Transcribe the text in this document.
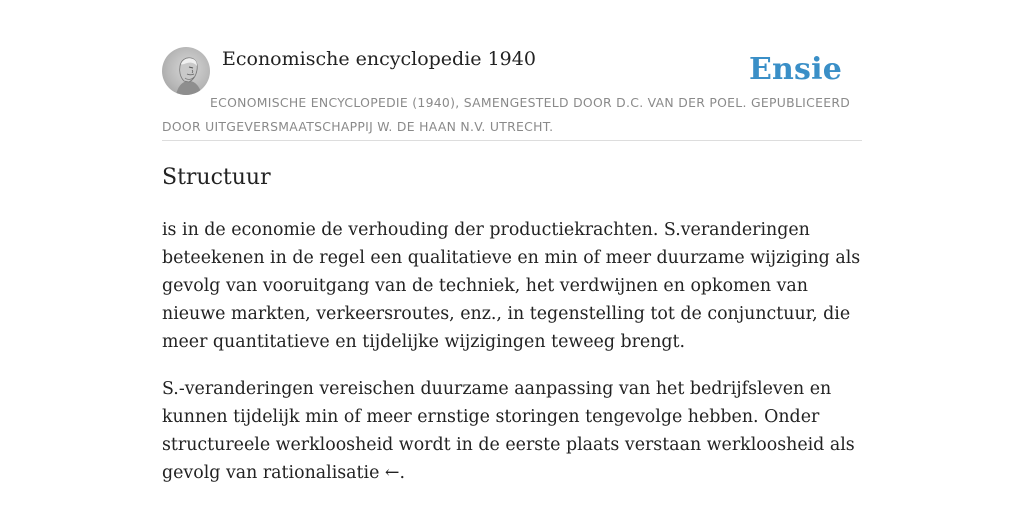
Economische encyclopedie 1940	Ensie
ECONOMISCHE ENCYCLOPEDIE (1940), SAMENGESTELD DOOR D.C. VAN DER POEL. GEPUBLICEERD DOOR UITGEVERSMAATSCHAPPIJ W. DE HAAN N.V. UTRECHT.
Structuur

is in de economie de verhouding der productiekrachten. S.veranderingen beteekenen in de regel een qualitatieve en min of meer duurzame wijziging als gevolg van vooruitgang van de techniek, het verdwijnen en opkomen van nieuwe markten, verkeersroutes, enz., in tegenstelling tot de conjunctuur, die meer quantitatieve en tijdelijke wijzigingen teweeg brengt.

S.-veranderingen vereischen duurzame aanpassing van het bedrijfsleven en kunnen tijdelijk min of meer ernstige storingen tengevolge hebben. Onder structureele werkloosheid wordt in de eerste plaats verstaan werkloosheid als gevolg van rationalisatie ←.
